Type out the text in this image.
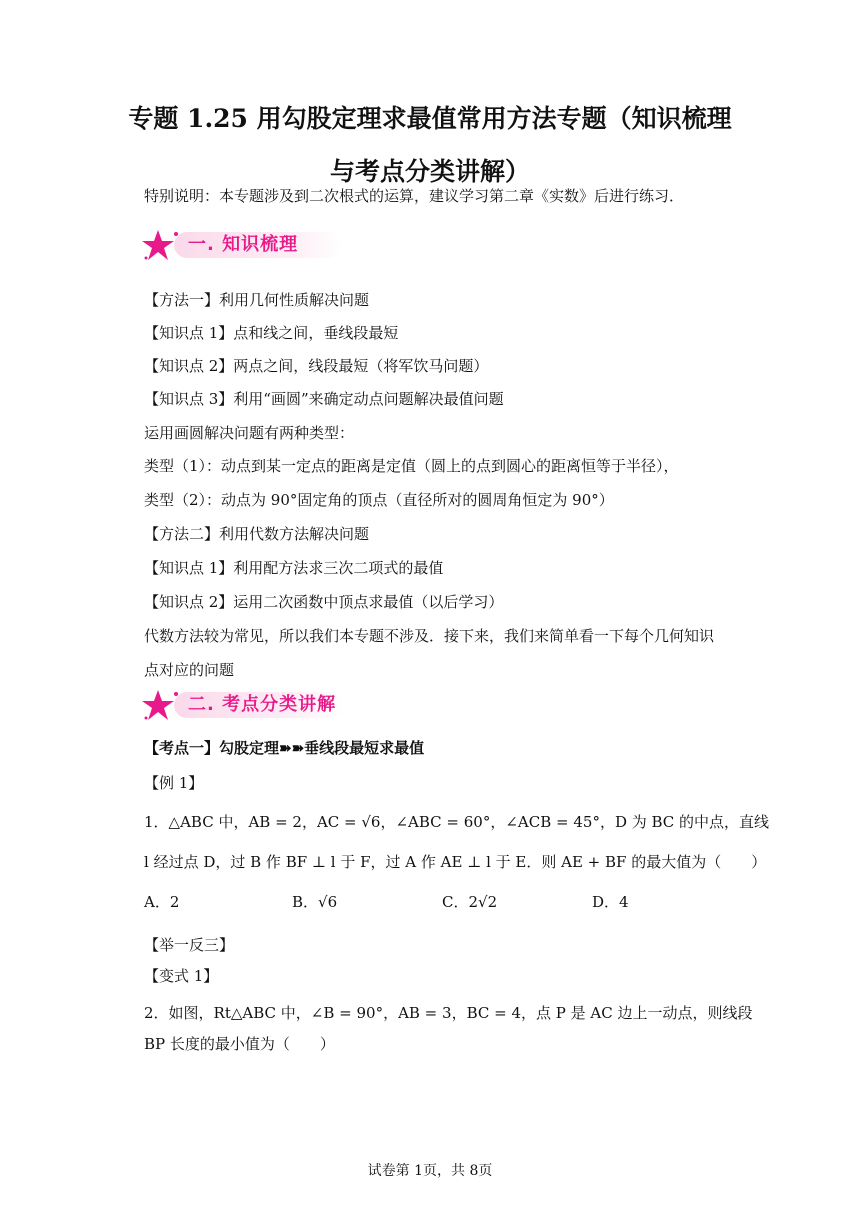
专题 1.25 用勾股定理求最值常用方法专题（知识梳理与考点分类讲解）
特别说明：本专题涉及到二次根式的运算，建议学习第二章《实数》后进行练习．
一. 知识梳理
【方法一】利用几何性质解决问题
【知识点 1】点和线之间，垂线段最短
【知识点 2】两点之间，线段最短（将军饮马问题）
【知识点 3】利用“画圆”来确定动点问题解决最值问题
运用画圆解决问题有两种类型：
类型（1）：动点到某一定点的距离是定值（圆上的点到圆心的距离恒等于半径），
类型（2）：动点为 90°固定角的顶点（直径所对的圆周角恒定为 90°）
【方法二】利用代数方法解决问题
【知识点 1】利用配方法求三次二项式的最值
【知识点 2】运用二次函数中顶点求最值（以后学习）
代数方法较为常见，所以我们本专题不涉及．接下来，我们来简单看一下每个几何知识
点对应的问题
二. 考点分类讲解
【考点一】勾股定理➽➽垂线段最短求最值
【例 1】
1．△ABC 中，AB = 2，AC = √6，∠ABC = 60°，∠ACB = 45°，D 为 BC 的中点，直线
l 经过点 D，过 B 作 BF ⊥ l 于 F，过 A 作 AE ⊥ l 于 E．则 AE + BF 的最大值为（　　）
A．2	B．√6	C．2√2	D．4
【举一反三】
【变式 1】
2．如图，Rt△ABC 中，∠B = 90°，AB = 3，BC = 4，点 P 是 AC 边上一动点，则线段
BP 长度的最小值为（　　）
试卷第 1页，共 8页
